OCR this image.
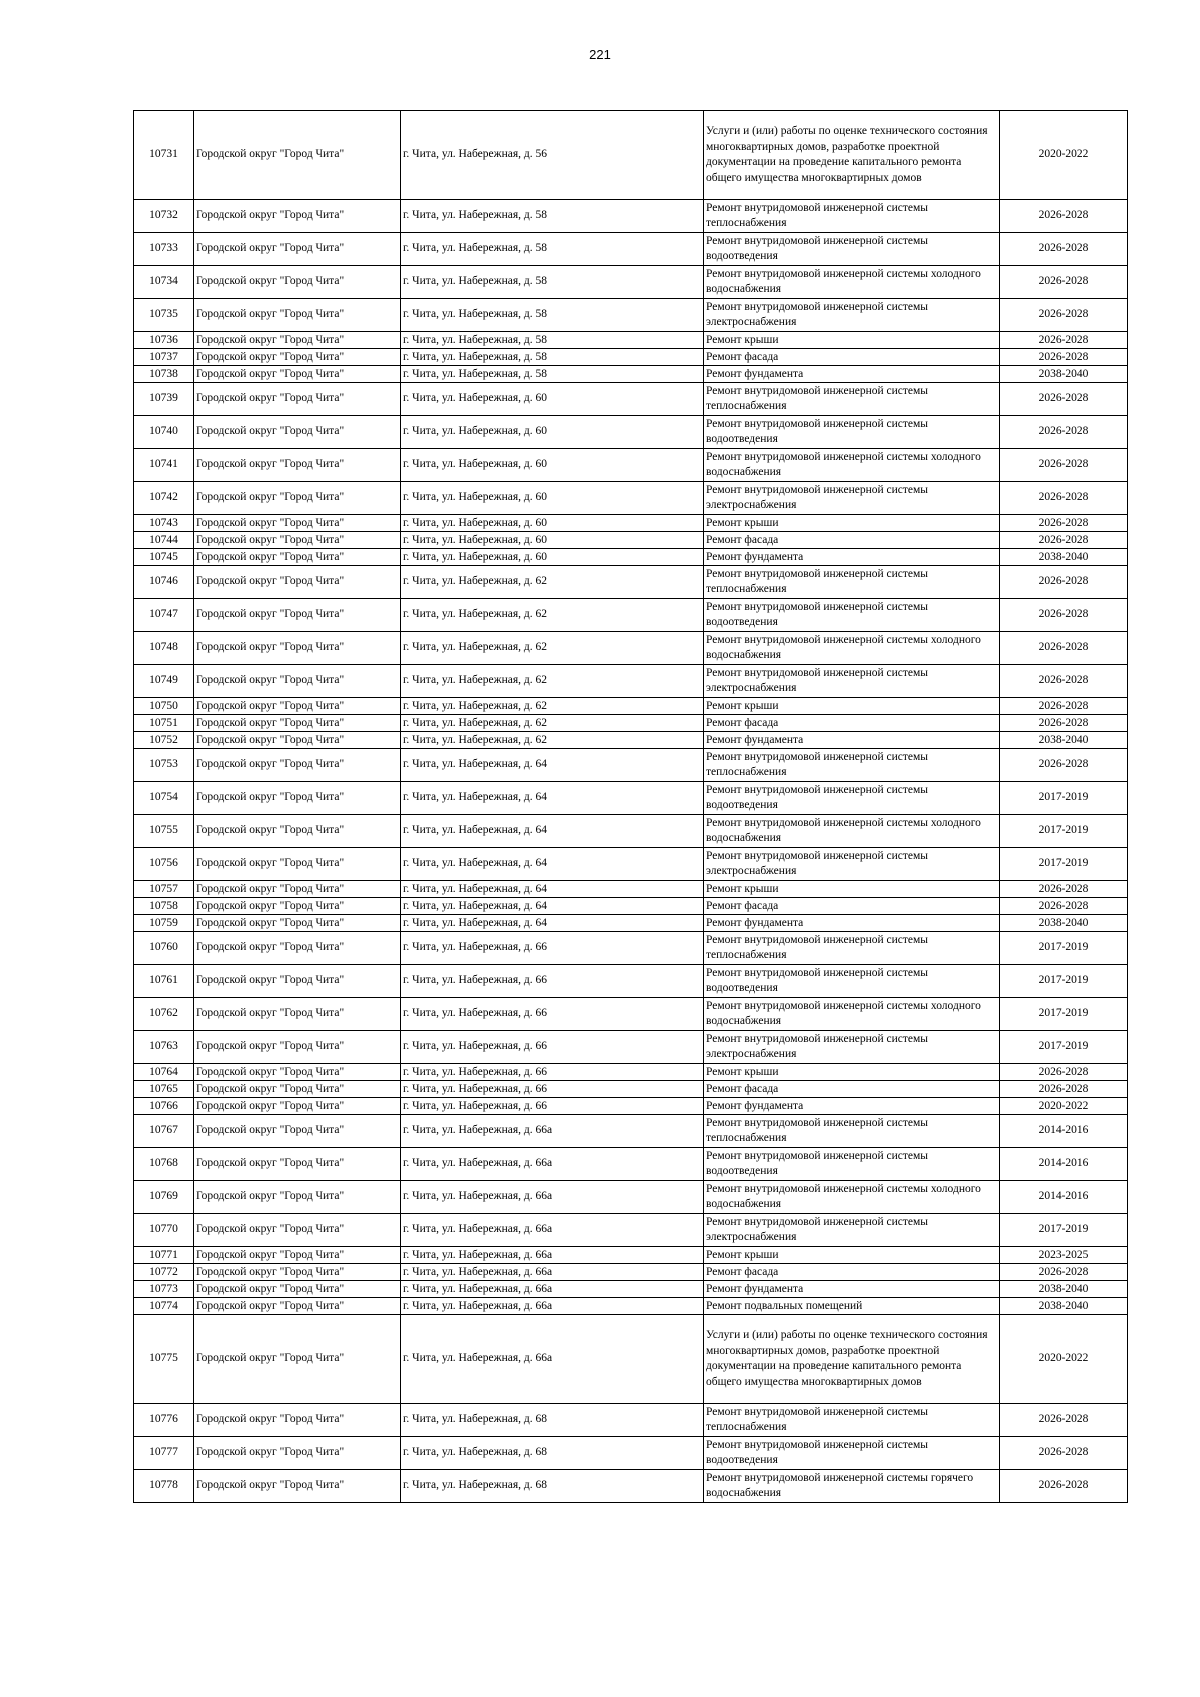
221
10731	Городской округ "Город Чита"	г. Чита, ул. Набережная, д. 56	Услуги и (или) работы по оценке технического состояния многоквартирных домов, разработке проектной документации на проведение капитального ремонта общего имущества многоквартирных домов	2020-2022
10732	Городской округ "Город Чита"	г. Чита, ул. Набережная, д. 58	Ремонт внутридомовой инженерной системы теплоснабжения	2026-2028
10733	Городской округ "Город Чита"	г. Чита, ул. Набережная, д. 58	Ремонт внутридомовой инженерной системы водоотведения	2026-2028
10734	Городской округ "Город Чита"	г. Чита, ул. Набережная, д. 58	Ремонт внутридомовой инженерной системы холодного водоснабжения	2026-2028
10735	Городской округ "Город Чита"	г. Чита, ул. Набережная, д. 58	Ремонт внутридомовой инженерной системы электроснабжения	2026-2028
10736	Городской округ "Город Чита"	г. Чита, ул. Набережная, д. 58	Ремонт крыши	2026-2028
10737	Городской округ "Город Чита"	г. Чита, ул. Набережная, д. 58	Ремонт фасада	2026-2028
10738	Городской округ "Город Чита"	г. Чита, ул. Набережная, д. 58	Ремонт фундамента	2038-2040
10739	Городской округ "Город Чита"	г. Чита, ул. Набережная, д. 60	Ремонт внутридомовой инженерной системы теплоснабжения	2026-2028
10740	Городской округ "Город Чита"	г. Чита, ул. Набережная, д. 60	Ремонт внутридомовой инженерной системы водоотведения	2026-2028
10741	Городской округ "Город Чита"	г. Чита, ул. Набережная, д. 60	Ремонт внутридомовой инженерной системы холодного водоснабжения	2026-2028
10742	Городской округ "Город Чита"	г. Чита, ул. Набережная, д. 60	Ремонт внутридомовой инженерной системы электроснабжения	2026-2028
10743	Городской округ "Город Чита"	г. Чита, ул. Набережная, д. 60	Ремонт крыши	2026-2028
10744	Городской округ "Город Чита"	г. Чита, ул. Набережная, д. 60	Ремонт фасада	2026-2028
10745	Городской округ "Город Чита"	г. Чита, ул. Набережная, д. 60	Ремонт фундамента	2038-2040
10746	Городской округ "Город Чита"	г. Чита, ул. Набережная, д. 62	Ремонт внутридомовой инженерной системы теплоснабжения	2026-2028
10747	Городской округ "Город Чита"	г. Чита, ул. Набережная, д. 62	Ремонт внутридомовой инженерной системы водоотведения	2026-2028
10748	Городской округ "Город Чита"	г. Чита, ул. Набережная, д. 62	Ремонт внутридомовой инженерной системы холодного водоснабжения	2026-2028
10749	Городской округ "Город Чита"	г. Чита, ул. Набережная, д. 62	Ремонт внутридомовой инженерной системы электроснабжения	2026-2028
10750	Городской округ "Город Чита"	г. Чита, ул. Набережная, д. 62	Ремонт крыши	2026-2028
10751	Городской округ "Город Чита"	г. Чита, ул. Набережная, д. 62	Ремонт фасада	2026-2028
10752	Городской округ "Город Чита"	г. Чита, ул. Набережная, д. 62	Ремонт фундамента	2038-2040
10753	Городской округ "Город Чита"	г. Чита, ул. Набережная, д. 64	Ремонт внутридомовой инженерной системы теплоснабжения	2026-2028
10754	Городской округ "Город Чита"	г. Чита, ул. Набережная, д. 64	Ремонт внутридомовой инженерной системы водоотведения	2017-2019
10755	Городской округ "Город Чита"	г. Чита, ул. Набережная, д. 64	Ремонт внутридомовой инженерной системы холодного водоснабжения	2017-2019
10756	Городской округ "Город Чита"	г. Чита, ул. Набережная, д. 64	Ремонт внутридомовой инженерной системы электроснабжения	2017-2019
10757	Городской округ "Город Чита"	г. Чита, ул. Набережная, д. 64	Ремонт крыши	2026-2028
10758	Городской округ "Город Чита"	г. Чита, ул. Набережная, д. 64	Ремонт фасада	2026-2028
10759	Городской округ "Город Чита"	г. Чита, ул. Набережная, д. 64	Ремонт фундамента	2038-2040
10760	Городской округ "Город Чита"	г. Чита, ул. Набережная, д. 66	Ремонт внутридомовой инженерной системы теплоснабжения	2017-2019
10761	Городской округ "Город Чита"	г. Чита, ул. Набережная, д. 66	Ремонт внутридомовой инженерной системы водоотведения	2017-2019
10762	Городской округ "Город Чита"	г. Чита, ул. Набережная, д. 66	Ремонт внутридомовой инженерной системы холодного водоснабжения	2017-2019
10763	Городской округ "Город Чита"	г. Чита, ул. Набережная, д. 66	Ремонт внутридомовой инженерной системы электроснабжения	2017-2019
10764	Городской округ "Город Чита"	г. Чита, ул. Набережная, д. 66	Ремонт крыши	2026-2028
10765	Городской округ "Город Чита"	г. Чита, ул. Набережная, д. 66	Ремонт фасада	2026-2028
10766	Городской округ "Город Чита"	г. Чита, ул. Набережная, д. 66	Ремонт фундамента	2020-2022
10767	Городской округ "Город Чита"	г. Чита, ул. Набережная, д. 66а	Ремонт внутридомовой инженерной системы теплоснабжения	2014-2016
10768	Городской округ "Город Чита"	г. Чита, ул. Набережная, д. 66а	Ремонт внутридомовой инженерной системы водоотведения	2014-2016
10769	Городской округ "Город Чита"	г. Чита, ул. Набережная, д. 66а	Ремонт внутридомовой инженерной системы холодного водоснабжения	2014-2016
10770	Городской округ "Город Чита"	г. Чита, ул. Набережная, д. 66а	Ремонт внутридомовой инженерной системы электроснабжения	2017-2019
10771	Городской округ "Город Чита"	г. Чита, ул. Набережная, д. 66а	Ремонт крыши	2023-2025
10772	Городской округ "Город Чита"	г. Чита, ул. Набережная, д. 66а	Ремонт фасада	2026-2028
10773	Городской округ "Город Чита"	г. Чита, ул. Набережная, д. 66а	Ремонт фундамента	2038-2040
10774	Городской округ "Город Чита"	г. Чита, ул. Набережная, д. 66а	Ремонт подвальных помещений	2038-2040
10775	Городской округ "Город Чита"	г. Чита, ул. Набережная, д. 66а	Услуги и (или) работы по оценке технического состояния многоквартирных домов, разработке проектной документации на проведение капитального ремонта общего имущества многоквартирных домов	2020-2022
10776	Городской округ "Город Чита"	г. Чита, ул. Набережная, д. 68	Ремонт внутридомовой инженерной системы теплоснабжения	2026-2028
10777	Городской округ "Город Чита"	г. Чита, ул. Набережная, д. 68	Ремонт внутридомовой инженерной системы водоотведения	2026-2028
10778	Городской округ "Город Чита"	г. Чита, ул. Набережная, д. 68	Ремонт внутридомовой инженерной системы горячего водоснабжения	2026-2028
